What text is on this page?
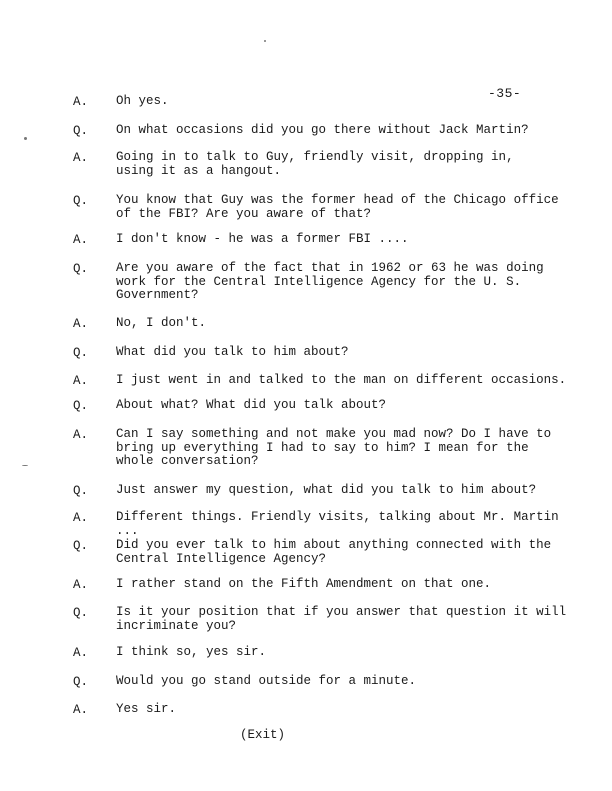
-35-
A. Oh yes.
Q. On what occasions did you go there without Jack Martin?
A. Going in to talk to Guy, friendly visit, dropping in,
using it as a hangout.
Q. You know that Guy was the former head of the Chicago office
of the FBI? Are you aware of that?
A. I don't know - he was a former FBI ....
Q. Are you aware of the fact that in 1962 or 63 he was doing
work for the Central Intelligence Agency for the U. S.
Government?
A. No, I don't.
Q. What did you talk to him about?
A. I just went in and talked to the man on different occasions.
Q. About what? What did you talk about?
A. Can I say something and not make you mad now? Do I have to
bring up everything I had to say to him? I mean for the
whole conversation?
Q. Just answer my question, what did you talk to him about?
A. Different things. Friendly visits, talking about Mr. Martin ...
Q. Did you ever talk to him about anything connected with the
Central Intelligence Agency?
A. I rather stand on the Fifth Amendment on that one.
Q. Is it your position that if you answer that question it will
incriminate you?
A. I think so, yes sir.
Q. Would you go stand outside for a minute.
A. Yes sir.
(Exit)
